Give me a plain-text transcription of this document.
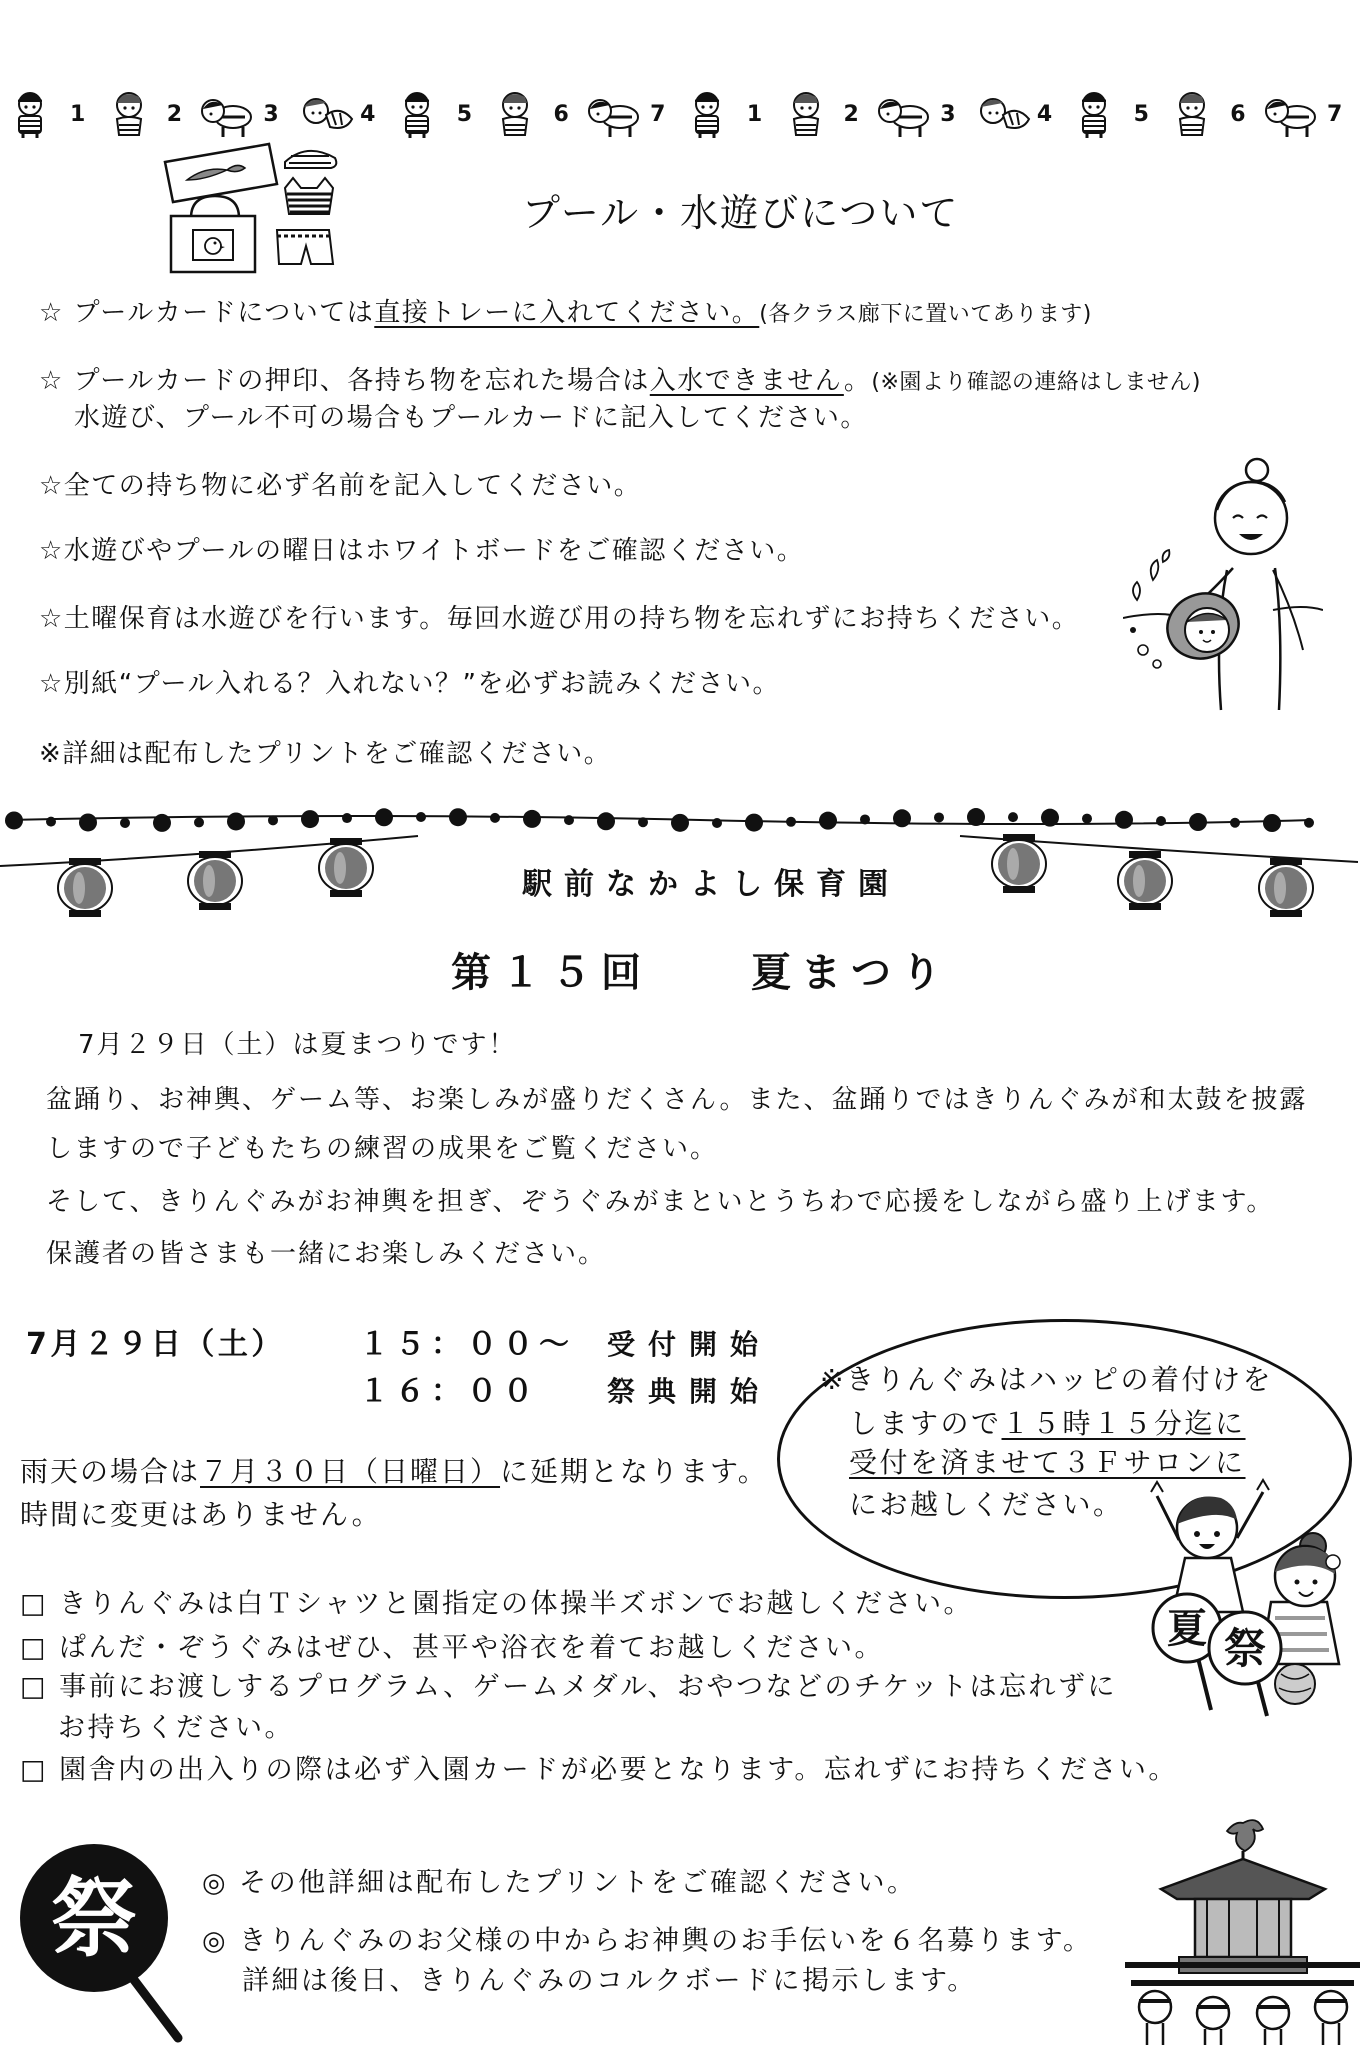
1	2	3	4	5	6	7	1	2	3	4	5	6	7
プール・水遊びについて
☆ プールカードについては直接トレーに入れてください。(各クラス廊下に置いてあります)
☆ プールカードの押印、各持ち物を忘れた場合は入水できません。(※園より確認の連絡はしません)
水遊び、プール不可の場合もプールカードに記入してください。
☆全ての持ち物に必ず名前を記入してください。
☆水遊びやプールの曜日はホワイトボードをご確認ください。
☆土曜保育は水遊びを行います。毎回水遊び用の持ち物を忘れずにお持ちください。
☆別紙“プール入れる？入れない？”を必ずお読みください。
※詳細は配布したプリントをご確認ください。
駅前なかよし保育園
第１５回　　夏まつり
7月２９日（土）は夏まつりです！
盆踊り、お神輿、ゲーム等、お楽しみが盛りだくさん。また、盆踊りではきりんぐみが和太鼓を披露
しますので子どもたちの練習の成果をご覧ください。
そして、きりんぐみがお神輿を担ぎ、ぞうぐみがまといとうちわで応援をしながら盛り上げます。
保護者の皆さまも一緒にお楽しみください。
7月２９日（土） １５：００～ 受付開始
１６：００ 祭典開始
雨天の場合は７月３０日（日曜日）に延期となります。
時間に変更はありません。
※きりんぐみはハッピの着付けを
しますので１５時１５分迄に
受付を済ませて３Ｆサロンに
にお越しください。
夏 祭
□ きりんぐみは白Ｔシャツと園指定の体操半ズボンでお越しください。
□ ぱんだ・ぞうぐみはぜひ、甚平や浴衣を着てお越しください。
□ 事前にお渡しするプログラム、ゲームメダル、おやつなどのチケットは忘れずに
お持ちください。
□ 園舎内の出入りの際は必ず入園カードが必要となります。忘れずにお持ちください。
祭 ◎ その他詳細は配布したプリントをご確認ください。
◎ きりんぐみのお父様の中からお神輿のお手伝いを６名募ります。
詳細は後日、きりんぐみのコルクボードに掲示します。
